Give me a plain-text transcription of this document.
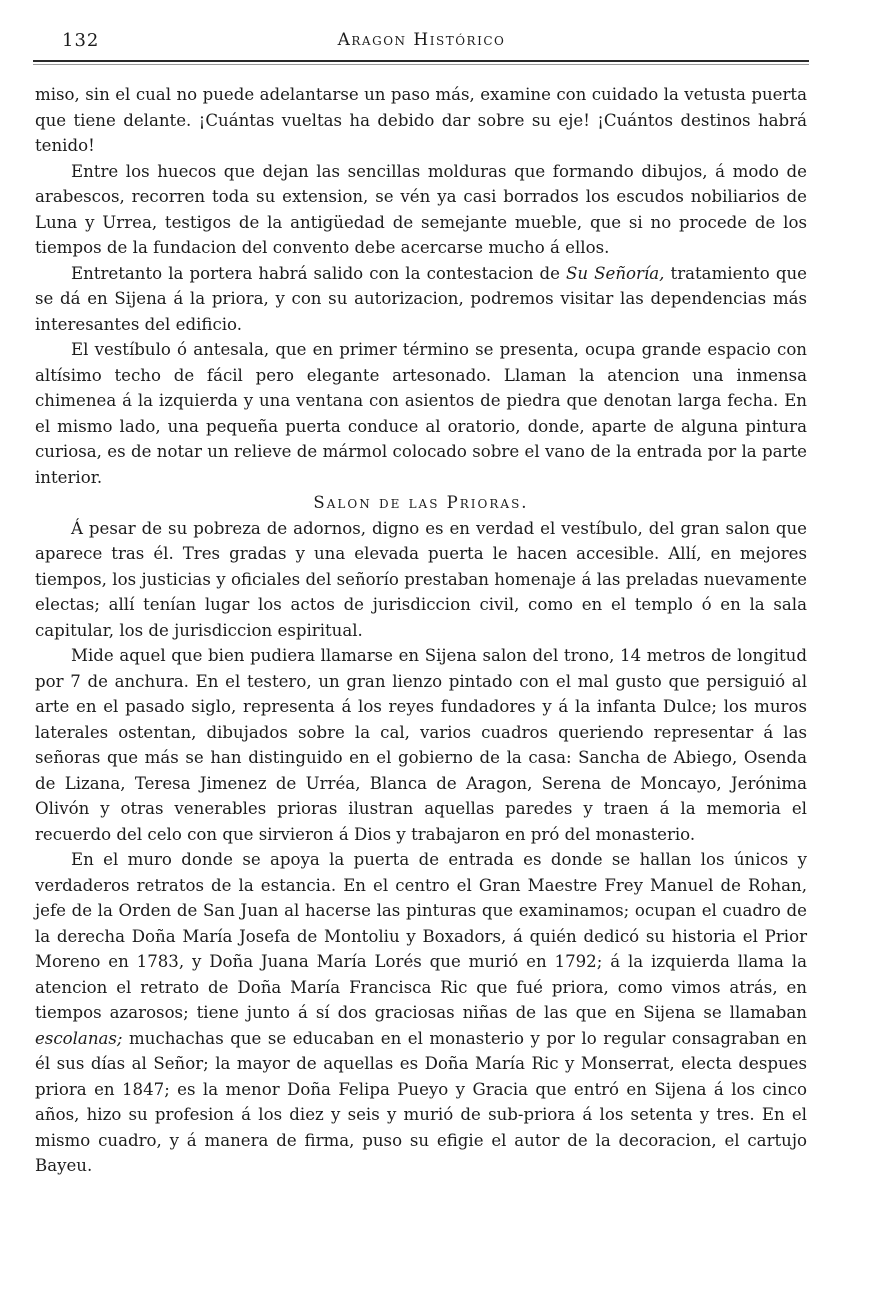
132	Aragon Histórico

miso, sin el cual no puede adelantarse un paso más, examine con cuidado la vetusta puerta que tiene delante. ¡Cuántas vueltas ha debido dar sobre su eje! ¡Cuántos destinos habrá tenido!

Entre los huecos que dejan las sencillas molduras que formando dibujos, á modo de arabescos, recorren toda su extension, se vén ya casi borrados los escudos nobiliarios de Luna y Urrea, testigos de la antigüedad de semejante mueble, que si no procede de los tiempos de la fundacion del convento debe acercarse mucho á ellos.

Entretanto la portera habrá salido con la contestacion de Su Señoría, tratamiento que se dá en Sijena á la priora, y con su autorizacion, podremos visitar las dependencias más interesantes del edificio.

El vestíbulo ó antesala, que en primer término se presenta, ocupa grande espacio con altísimo techo de fácil pero elegante artesonado. Llaman la atencion una inmensa chimenea á la izquierda y una ventana con asientos de piedra que denotan larga fecha. En el mismo lado, una pequeña puerta conduce al oratorio, donde, aparte de alguna pintura curiosa, es de notar un relieve de mármol colocado sobre el vano de la entrada por la parte interior.

Salon de las Prioras.

Á pesar de su pobreza de adornos, digno es en verdad el vestíbulo, del gran salon que aparece tras él. Tres gradas y una elevada puerta le hacen accesible. Allí, en mejores tiempos, los justicias y oficiales del señorío prestaban homenaje á las preladas nuevamente electas; allí tenían lugar los actos de jurisdiccion civil, como en el templo ó en la sala capitular, los de jurisdiccion espiritual.

Mide aquel que bien pudiera llamarse en Sijena salon del trono, 14 metros de longitud por 7 de anchura. En el testero, un gran lienzo pintado con el mal gusto que persiguió al arte en el pasado siglo, representa á los reyes fundadores y á la infanta Dulce; los muros laterales ostentan, dibujados sobre la cal, varios cuadros queriendo representar á las señoras que más se han distinguido en el gobierno de la casa: Sancha de Abiego, Osenda de Lizana, Teresa Jimenez de Urréa, Blanca de Aragon, Serena de Moncayo, Jerónima Olivón y otras venerables prioras ilustran aquellas paredes y traen á la memoria el recuerdo del celo con que sirvieron á Dios y trabajaron en pró del monasterio.

En el muro donde se apoya la puerta de entrada es donde se hallan los únicos y verdaderos retratos de la estancia. En el centro el Gran Maestre Frey Manuel de Rohan, jefe de la Orden de San Juan al hacerse las pinturas que examinamos; ocupan el cuadro de la derecha Doña María Josefa de Montoliu y Boxadors, á quién dedicó su historia el Prior Moreno en 1783, y Doña Juana María Lorés que murió en 1792; á la izquierda llama la atencion el retrato de Doña María Francisca Ric que fué priora, como vimos atrás, en tiempos azarosos; tiene junto á sí dos graciosas niñas de las que en Sijena se llamaban escolanas; muchachas que se educaban en el monasterio y por lo regular consagraban en él sus días al Señor; la mayor de aquellas es Doña María Ric y Monserrat, electa despues priora en 1847; es la menor Doña Felipa Pueyo y Gracia que entró en Sijena á los cinco años, hizo su profesion á los diez y seis y murió de sub-priora á los setenta y tres. En el mismo cuadro, y á manera de firma, puso su efigie el autor de la decoracion, el cartujo Bayeu.
